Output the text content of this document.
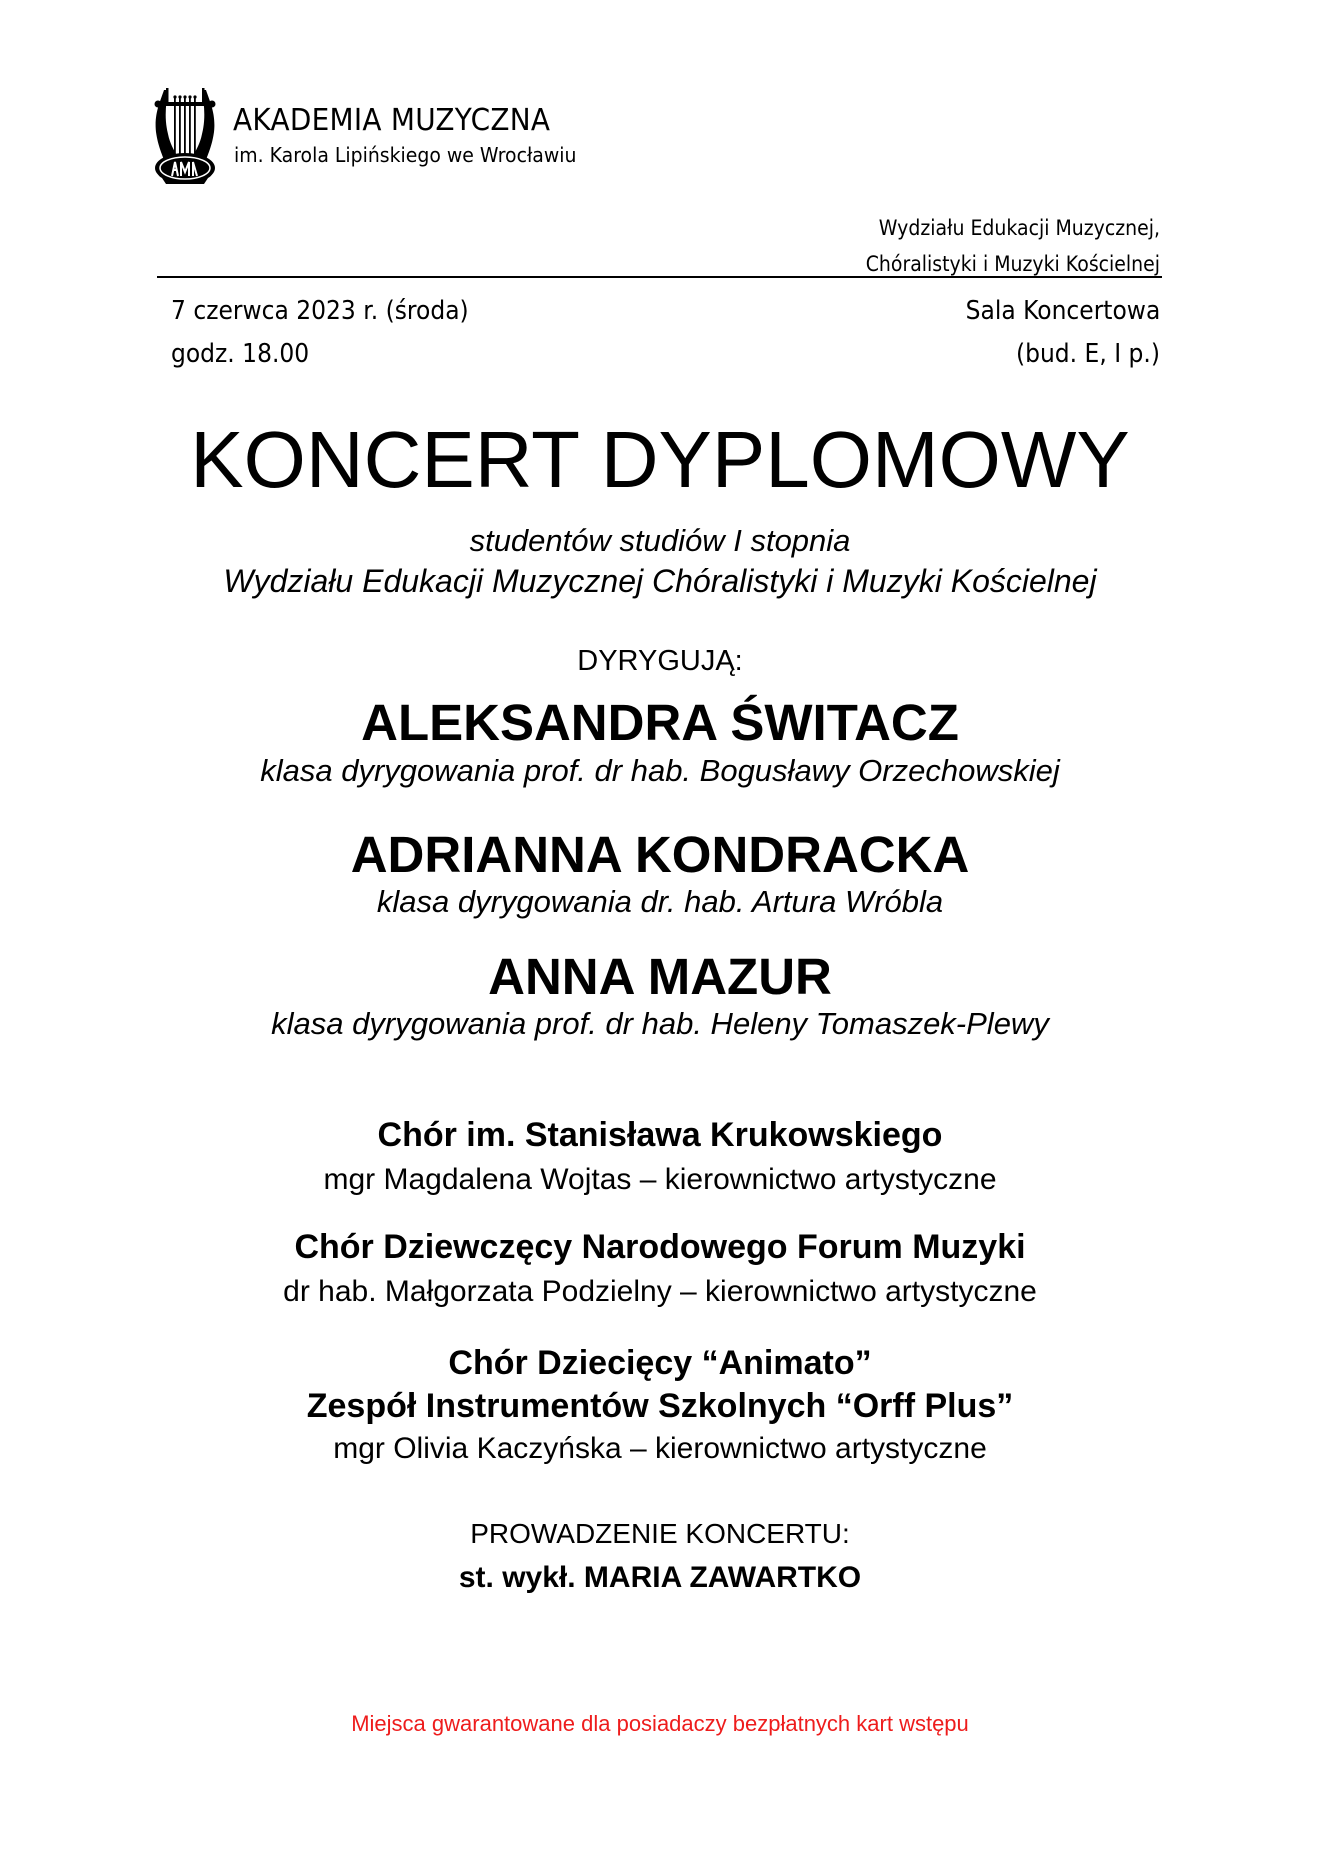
AKADEMIA MUZYCZNA
im. Karola Lipińskiego we Wrocławiu
Wydziału Edukacji Muzycznej,
Chóralistyki i Muzyki Kościelnej
7 czerwca 2023 r. (środa)
godz. 18.00
Sala Koncertowa
(bud. E, I p.)
KONCERT DYPLOMOWY
studentów studiów I stopnia
Wydziału Edukacji Muzycznej Chóralistyki i Muzyki Kościelnej
DYRYGUJĄ:
ALEKSANDRA ŚWITACZ
klasa dyrygowania prof. dr hab. Bogusławy Orzechowskiej
ADRIANNA KONDRACKA
klasa dyrygowania dr. hab. Artura Wróbla
ANNA MAZUR
klasa dyrygowania prof. dr hab. Heleny Tomaszek-Plewy
Chór im. Stanisława Krukowskiego
mgr Magdalena Wojtas – kierownictwo artystyczne
Chór Dziewczęcy Narodowego Forum Muzyki
dr hab. Małgorzata Podzielny – kierownictwo artystyczne
Chór Dziecięcy “Animato”
Zespół Instrumentów Szkolnych “Orff Plus”
mgr Olivia Kaczyńska – kierownictwo artystyczne
PROWADZENIE KONCERTU:
st. wykł. MARIA ZAWARTKO
Miejsca gwarantowane dla posiadaczy bezpłatnych kart wstępu
